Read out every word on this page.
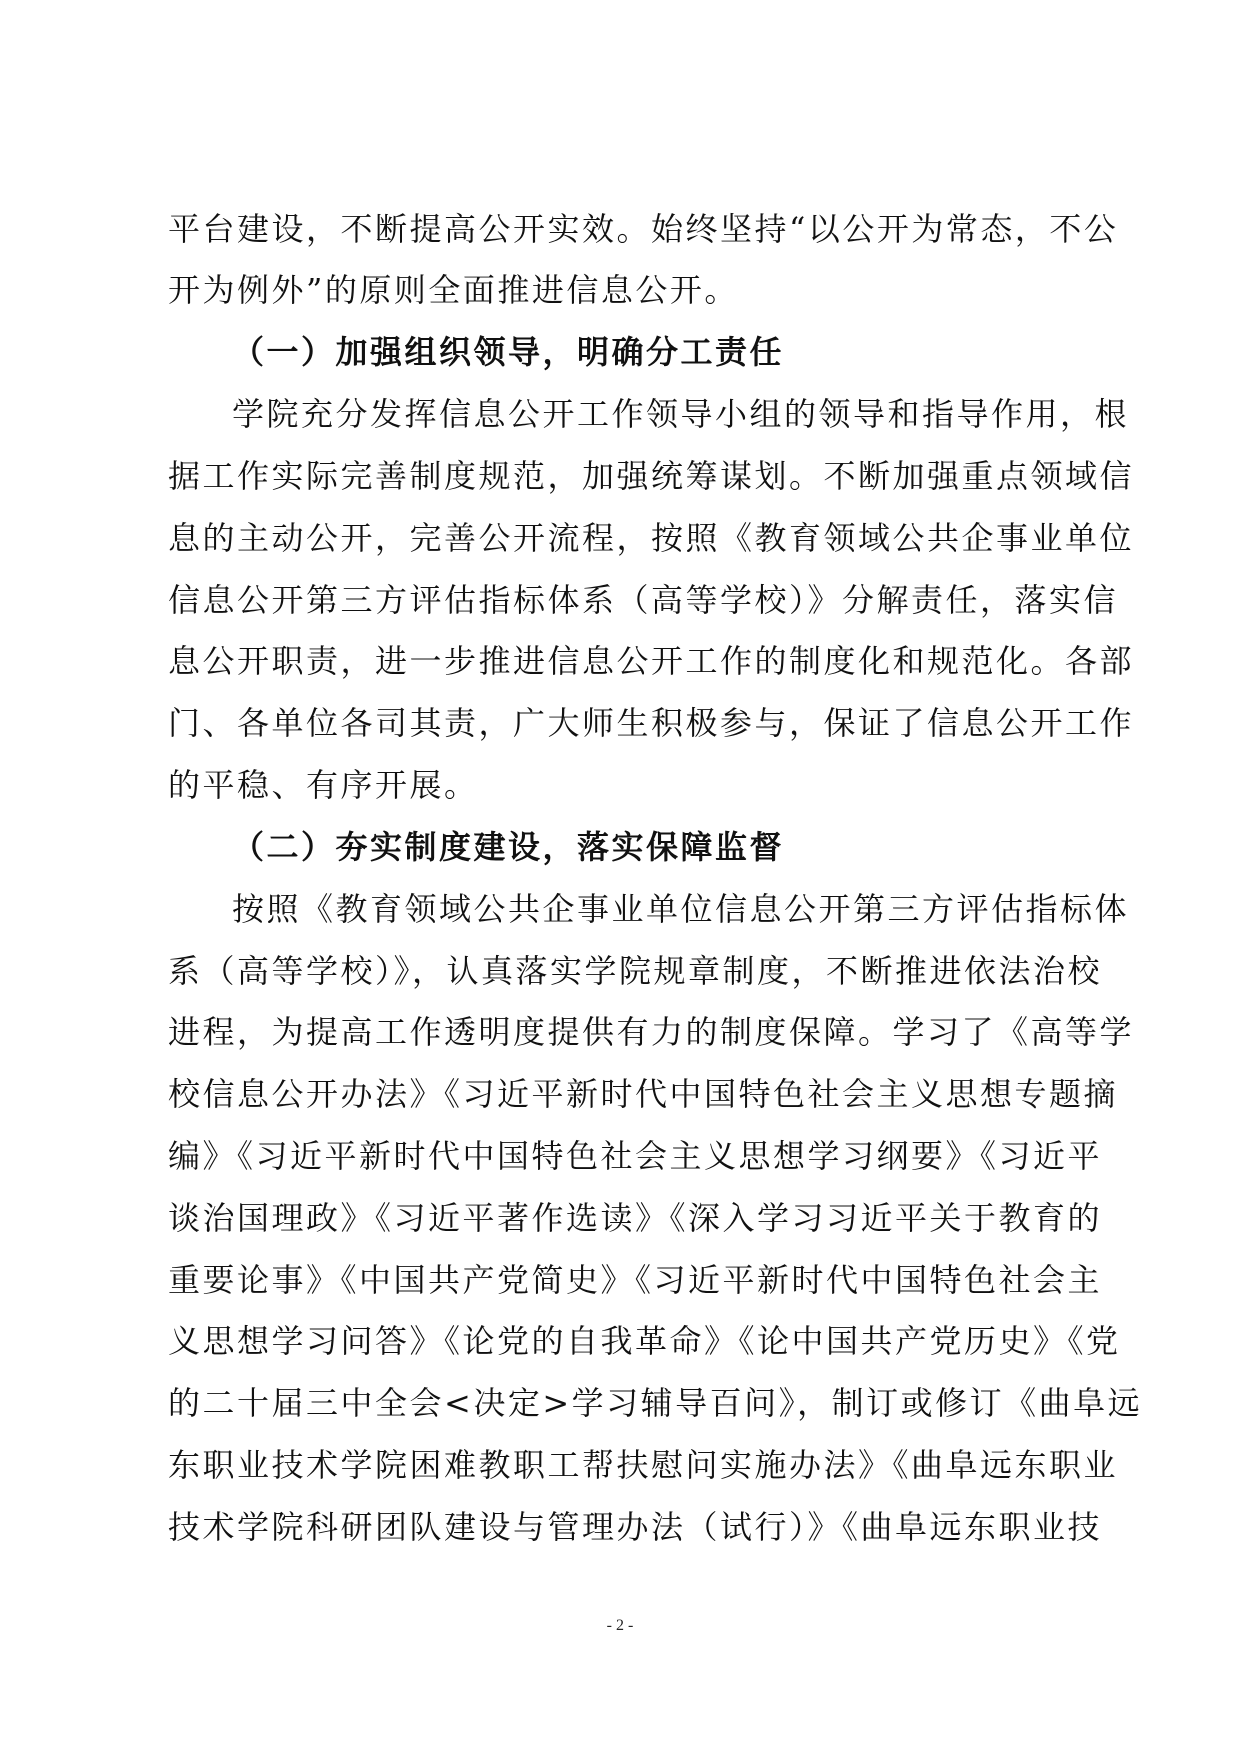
平台建设，不断提高公开实效。始终坚持“以公开为常态，不公
开为例外”的原则全面推进信息公开。
（一）加强组织领导，明确分工责任
学院充分发挥信息公开工作领导小组的领导和指导作用，根
据工作实际完善制度规范，加强统筹谋划。不断加强重点领域信
息的主动公开，完善公开流程，按照《教育领域公共企事业单位
信息公开第三方评估指标体系（高等学校）》分解责任，落实信
息公开职责，进一步推进信息公开工作的制度化和规范化。各部
门、各单位各司其责，广大师生积极参与，保证了信息公开工作
的平稳、有序开展。
（二）夯实制度建设，落实保障监督
按照《教育领域公共企事业单位信息公开第三方评估指标体
系（高等学校）》，认真落实学院规章制度，不断推进依法治校
进程，为提高工作透明度提供有力的制度保障。学习了《高等学
校信息公开办法》《习近平新时代中国特色社会主义思想专题摘
编》《习近平新时代中国特色社会主义思想学习纲要》《习近平
谈治国理政》《习近平著作选读》《深入学习习近平关于教育的
重要论事》《中国共产党简史》《习近平新时代中国特色社会主
义思想学习问答》《论党的自我革命》《论中国共产党历史》《党
的二十届三中全会<决定>学习辅导百问》，制订或修订《曲阜远
东职业技术学院困难教职工帮扶慰问实施办法》《曲阜远东职业
技术学院科研团队建设与管理办法（试行）》《曲阜远东职业技
- 2 -
